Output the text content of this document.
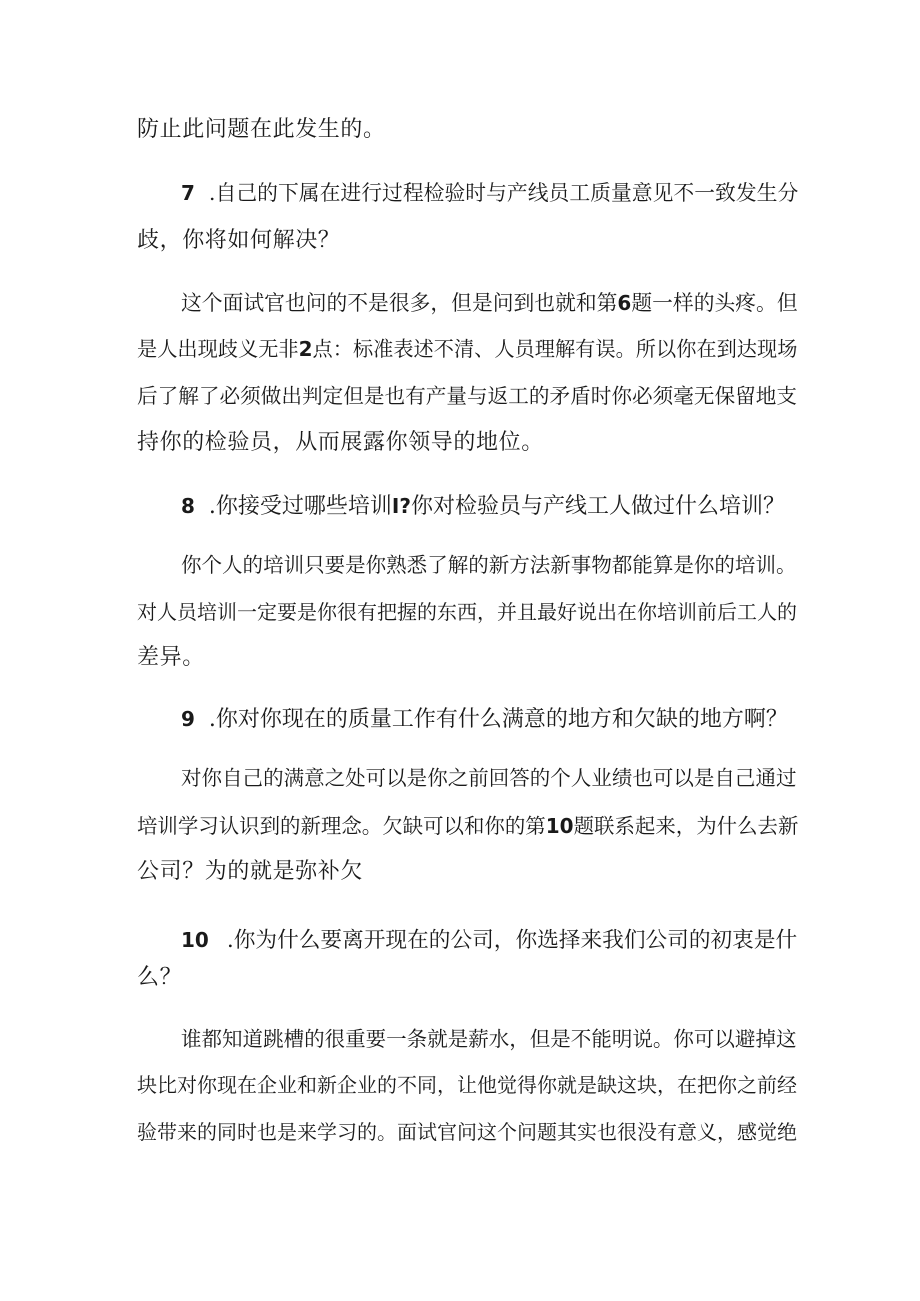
防止此问题在此发生的。
7 .自己的下属在进行过程检验时与产线员工质量意见不一致发生分
歧，你将如何解决？
这个面试官也问的不是很多，但是问到也就和第6题一样的头疼。但
是人出现歧义无非2点：标准表述不清、人员理解有误。所以你在到达现场
后了解了必须做出判定但是也有产量与返工的矛盾时你必须毫无保留地支
持你的检验员，从而展露你领导的地位。
8 .你接受过哪些培训I?你对检验员与产线工人做过什么培训？
你个人的培训只要是你熟悉了解的新方法新事物都能算是你的培训。
对人员培训一定要是你很有把握的东西，并且最好说出在你培训前后工人的
差异。
9 .你对你现在的质量工作有什么满意的地方和欠缺的地方啊？
对你自己的满意之处可以是你之前回答的个人业绩也可以是自己通过
培训学习认识到的新理念。欠缺可以和你的第10题联系起来，为什么去新
公司？为的就是弥补欠
10 .你为什么要离开现在的公司，你选择来我们公司的初衷是什
么？
谁都知道跳槽的很重要一条就是薪水，但是不能明说。你可以避掉这
块比对你现在企业和新企业的不同，让他觉得你就是缺这块，在把你之前经
验带来的同时也是来学习的。面试官问这个问题其实也很没有意义，感觉绝
